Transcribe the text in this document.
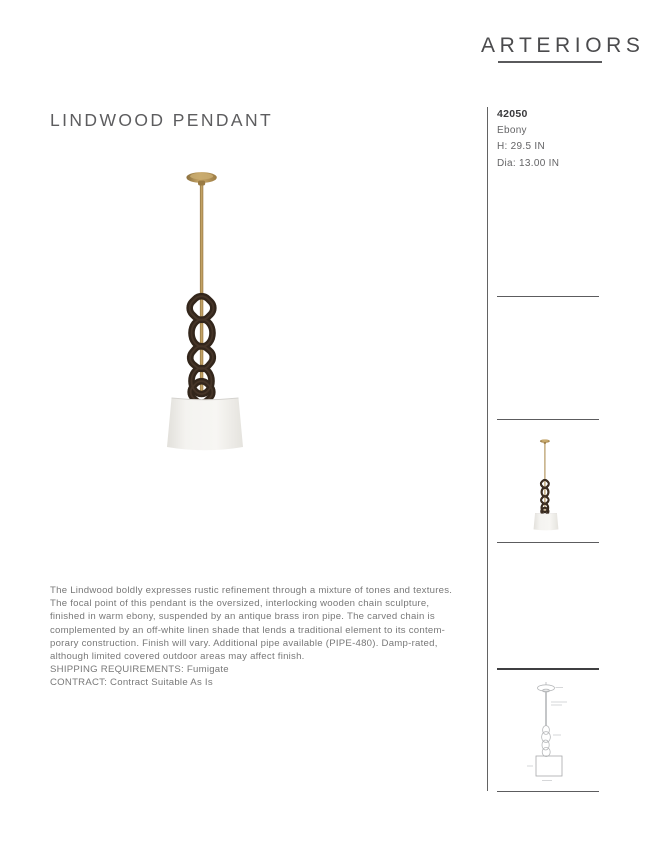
ARTERIORS
LINDWOOD PENDANT
The Lindwood boldly expresses rustic refinement through a mixture of tones and textures.
The focal point of this pendant is the oversized, interlocking wooden chain sculpture,
finished in warm ebony, suspended by an antique brass iron pipe. The carved chain is
complemented by an off-white linen shade that lends a traditional element to its contem-
porary construction. Finish will vary. Additional pipe available (PIPE-480). Damp-rated,
although limited covered outdoor areas may affect finish.
SHIPPING REQUIREMENTS: Fumigate
CONTRACT: Contract Suitable As Is
42050
Ebony
H: 29.5 IN
Dia: 13.00 IN
